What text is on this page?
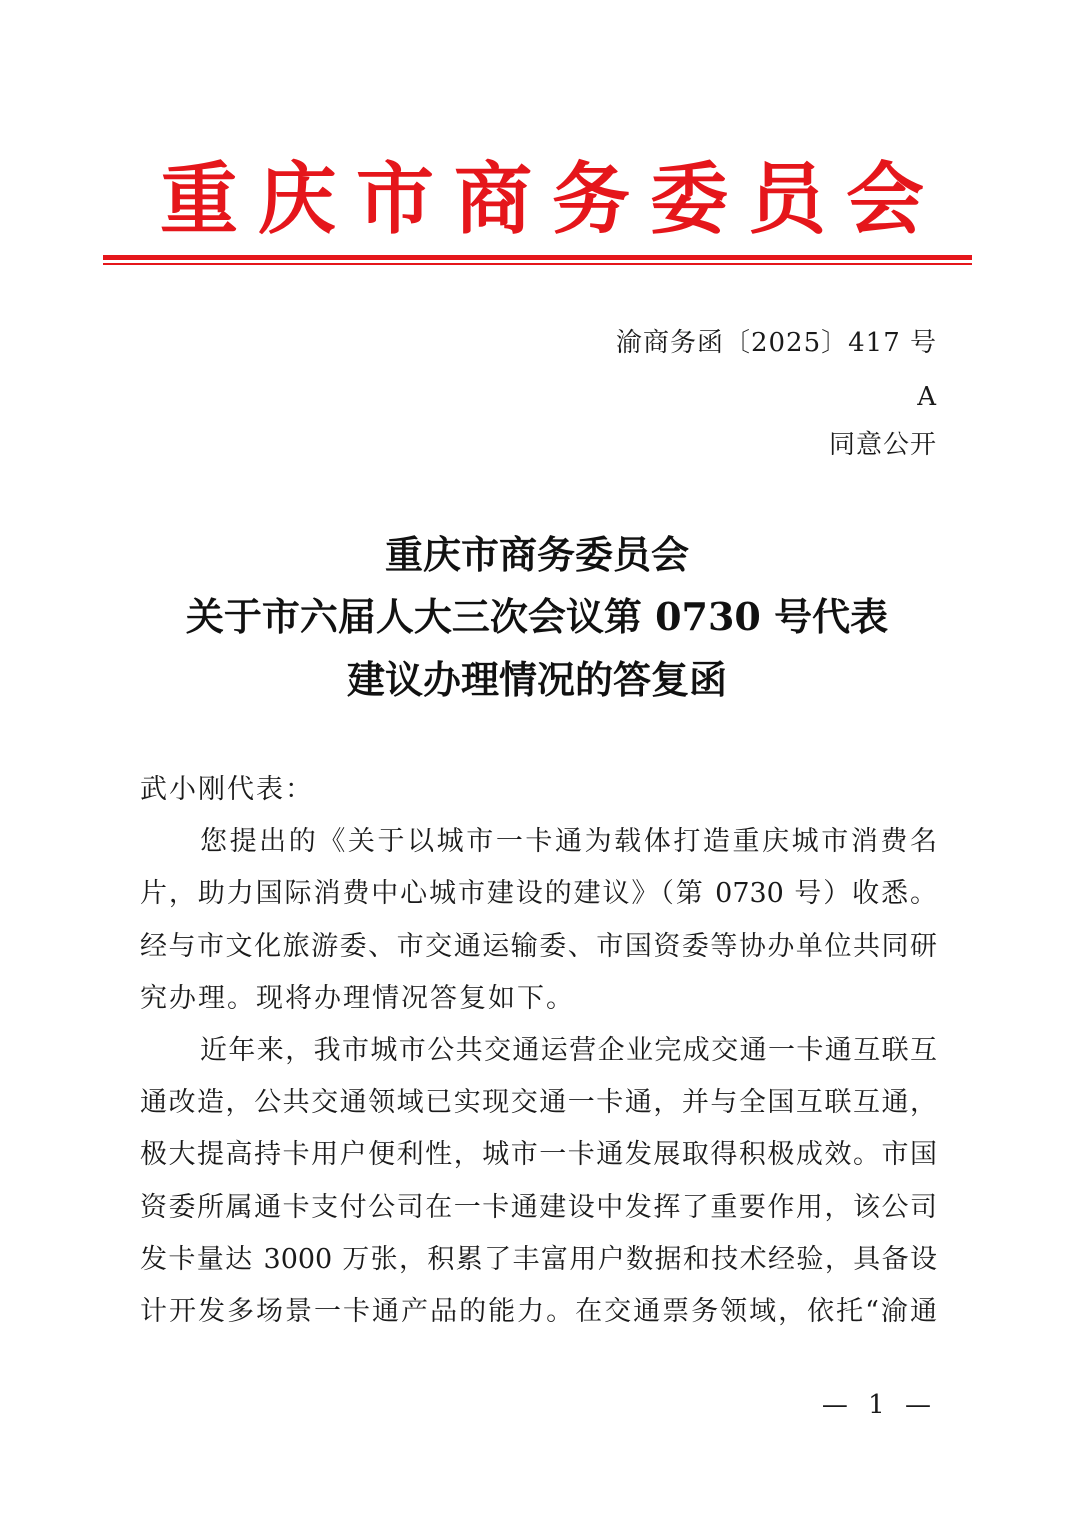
重庆市商务委员会
渝商务函〔2025〕417 号
A
同意公开
重庆市商务委员会
关于市六届人大三次会议第 0730 号代表
建议办理情况的答复函
武小刚代表：
您提出的《关于以城市一卡通为载体打造重庆城市消费名
片，助力国际消费中心城市建设的建议》（第 0730 号）收悉。
经与市文化旅游委、市交通运输委、市国资委等协办单位共同研
究办理。现将办理情况答复如下。
近年来，我市城市公共交通运营企业完成交通一卡通互联互
通改造，公共交通领域已实现交通一卡通，并与全国互联互通，
极大提高持卡用户便利性，城市一卡通发展取得积极成效。市国
资委所属通卡支付公司在一卡通建设中发挥了重要作用，该公司
发卡量达 3000 万张，积累了丰富用户数据和技术经验，具备设
计开发多场景一卡通产品的能力。在交通票务领域，依托“渝通
— 1 —
